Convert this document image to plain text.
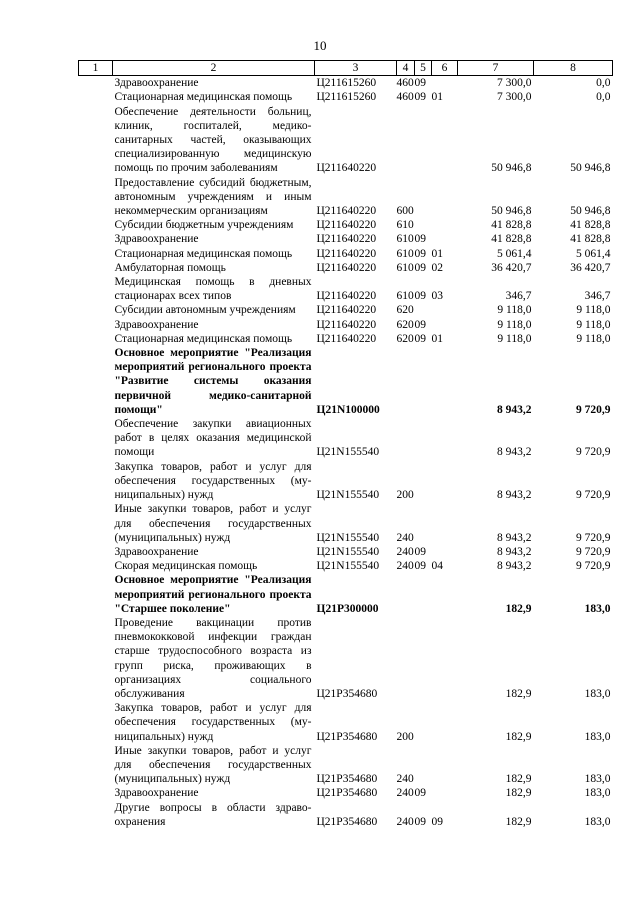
10
1	2	3	4	5	6	7	8
	Здравоохранение	Ц211615260	460	09		7 300,0	0,0
	Стационарная медицинская помощь	Ц211615260	460	09	01	7 300,0	0,0
	Обеспечение деятельности больниц, клиник, госпиталей, медико-санитарных частей, оказывающих специализированную медицинскую помощь по прочим заболеваниям	Ц211640220				50 946,8	50 946,8
	Предоставление субсидий бюджетным, автономным учреждениям и иным некоммерческим организациям	Ц211640220	600			50 946,8	50 946,8
	Субсидии бюджетным учреждениям	Ц211640220	610			41 828,8	41 828,8
	Здравоохранение	Ц211640220	610	09		41 828,8	41 828,8
	Стационарная медицинская помощь	Ц211640220	610	09	01	5 061,4	5 061,4
	Амбулаторная помощь	Ц211640220	610	09	02	36 420,7	36 420,7
	Медицинская помощь в дневных стационарах всех типов	Ц211640220	610	09	03	346,7	346,7
	Субсидии автономным учреждениям	Ц211640220	620			9 118,0	9 118,0
	Здравоохранение	Ц211640220	620	09		9 118,0	9 118,0
	Стационарная медицинская помощь	Ц211640220	620	09	01	9 118,0	9 118,0
	Основное мероприятие "Реализация мероприятий регионального проекта "Развитие системы оказания первичной медико-санитарной помощи"	Ц21N100000				8 943,2	9 720,9
	Обеспечение закупки авиационных работ в целях оказания медицинской помощи	Ц21N155540				8 943,2	9 720,9
	Закупка товаров, работ и услуг для обеспечения государственных (муниципальных) нужд	Ц21N155540	200			8 943,2	9 720,9
	Иные закупки товаров, работ и услуг для обеспечения государственных (муниципальных) нужд	Ц21N155540	240			8 943,2	9 720,9
	Здравоохранение	Ц21N155540	240	09		8 943,2	9 720,9
	Скорая медицинская помощь	Ц21N155540	240	09	04	8 943,2	9 720,9
	Основное мероприятие "Реализация мероприятий регионального проекта "Старшее поколение"	Ц21P300000				182,9	183,0
	Проведение вакцинации против пневмококковой инфекции граждан старше трудоспособного возраста из групп риска, проживающих в организациях социального обслуживания	Ц21P354680				182,9	183,0
	Закупка товаров, работ и услуг для обеспечения государственных (муниципальных) нужд	Ц21P354680	200			182,9	183,0
	Иные закупки товаров, работ и услуг для обеспечения государственных (муниципальных) нужд	Ц21P354680	240			182,9	183,0
	Здравоохранение	Ц21P354680	240	09		182,9	183,0
	Другие вопросы в области здравоохранения	Ц21P354680	240	09	09	182,9	183,0
